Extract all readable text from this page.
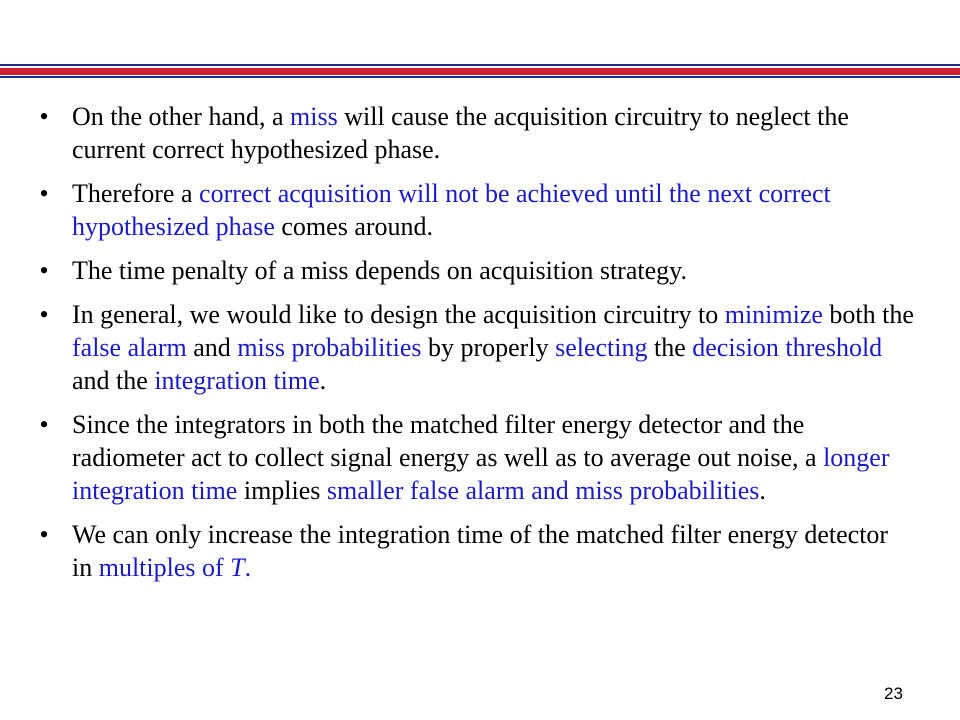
• On the other hand, a miss will cause the acquisition circuitry to neglect the current correct hypothesized phase.
• Therefore a correct acquisition will not be achieved until the next correct hypothesized phase comes around.
• The time penalty of a miss depends on acquisition strategy.
• In general, we would like to design the acquisition circuitry to minimize both the false alarm and miss probabilities by properly selecting the decision threshold and the integration time.
• Since the integrators in both the matched filter energy detector and the radiometer act to collect signal energy as well as to average out noise, a longer integration time implies smaller false alarm and miss probabilities.
• We can only increase the integration time of the matched filter energy detector in multiples of T.
23
